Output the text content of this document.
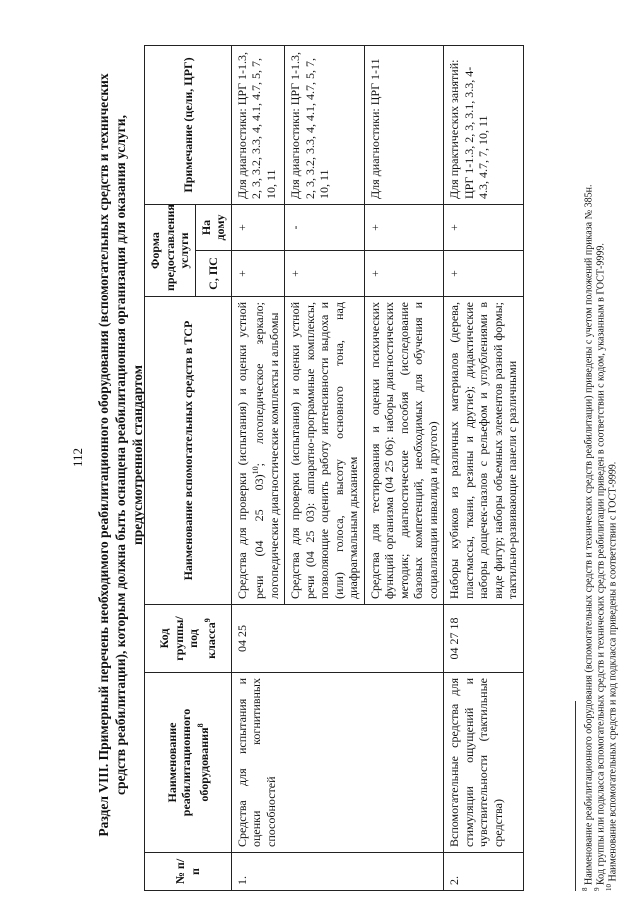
112 Раздел VIII. Примерный перечень необходимого реабилитационного оборудования (вспомогательных средств и технических средств реабилитации), которым должна быть оснащена реабилитационная организация для оказания услуги, предусмотренной стандартом
№ п/п	Наименование реабилитационного оборудования$^8$	Код группы/под класса$^9$	Наименование вспомогательных средств в ТСР	Форма предоставления услуги		Примечание (цели, ЦРГ)
				С, ПС	На дому	
1.	Средства для испытания и оценки когнитивных способностей	04 25	Средства для проверки (испытания) и оценки устной речи (04 25 03)$^{10}$; логопедическое зеркало; логопедические диагностические комплекты и альбомы	+	+	Для диагностики: ЦРГ 1-1.3, 2, 3, 3.2, 3.3, 4, 4.1, 4.7, 5, 7, 10, 11
			Средства для проверки (испытания) и оценки устной речи (04 25 03): аппаратно-программные комплексы, позволяющие оценить работу интенсивности выдоха и (или) голоса, высоту основного тона, над диафрагмальным дыханием	+	-	Для диагностики: ЦРГ 1-1.3, 2, 3, 3.2, 3.3, 4, 4.1, 4.7, 5, 7, 10, 11
			Средства для тестирования и оценки психических функций организма (04 25 06): наборы диагностических методик; диагностические пособия (исследование базовых компетенций, необходимых для обучения и социализации инвалида и другого)	+	+	Для диагностики: ЦРГ 1-11
2.	Вспомогательные средства для стимуляции ощущений и чувствительности (тактильные средства)	04 27 18	Наборы кубиков из различных материалов (дерева, пластмассы, ткани, резины и другие); дидактические наборы дощечек-пазлов с рельефом и углублениями в виде фигур; наборы объемных элементов разной формы; тактильно-развивающие панели с различными	+	+	Для практических занятий: ЦРГ 1-1.3, 2, 3, 3.1, 3.3, 4-4.3, 4.7, 7, 10, 11
$^8$ Наименование реабилитационного оборудования (вспомогательных средств и технических средств реабилитации) приведены с учетом положений приказа № 385н.
$^9$ Код группы или подкласса вспомогательных средств и технических средств реабилитации приведен в соответствии с кодом, указанным в ГОСТ-9999.
$^{10}$ Наименование вспомогательных средств и код подкласса приведены в соответствии с ГОСТ-9999.
